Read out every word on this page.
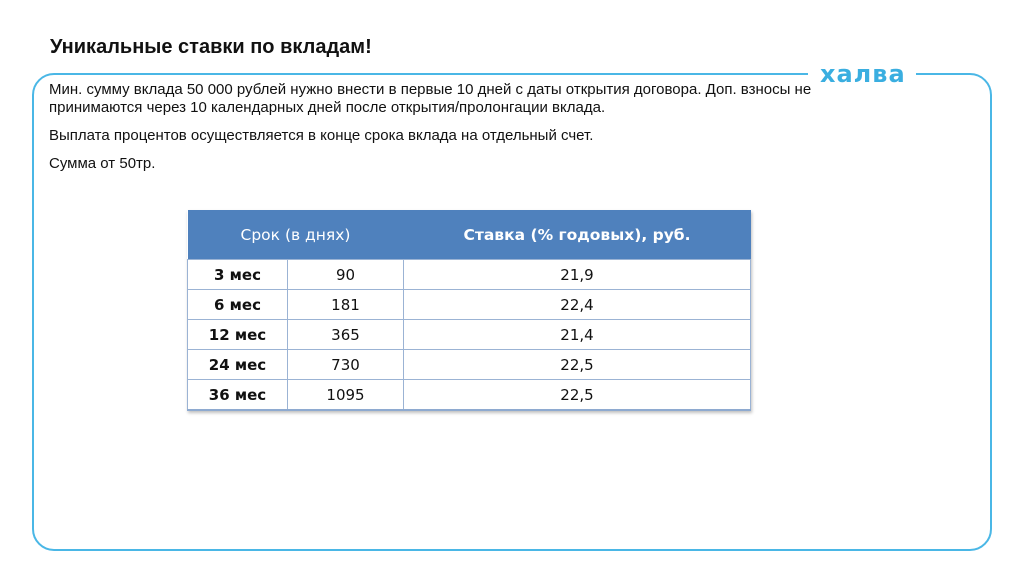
Уникальные ставки по вкладам!
халва

Мин. сумму вклада 50 000 рублей нужно внести в первые 10 дней с даты открытия договора. Доп. взносы не принимаются через 10 календарных дней после открытия/пролонгации вклада.

Выплата процентов осуществляется в конце срока вклада на отдельный счет.

Сумма от 50тр.

Срок (в днях)		Ставка (% годовых), руб.
3 мес	90	21,9
6 мес	181	22,4
12 мес	365	21,4
24 мес	730	22,5
36 мес	1095	22,5
